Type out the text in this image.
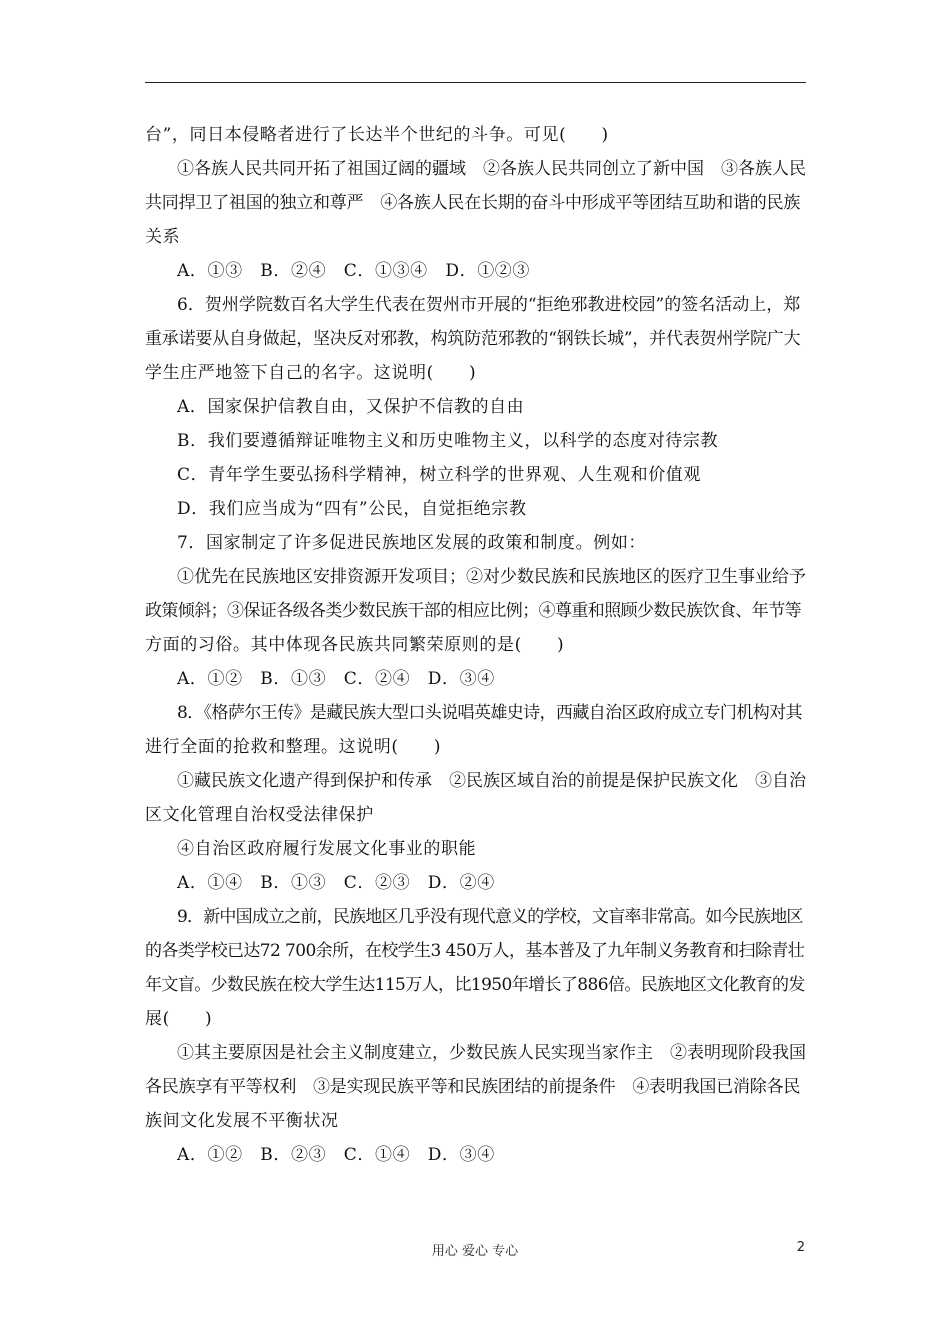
台”，同日本侵略者进行了长达半个世纪的斗争。可见(　　)
①各族人民共同开拓了祖国辽阔的疆域　②各族人民共同创立了新中国　③各族人民
共同捍卫了祖国的独立和尊严　④各族人民在长期的奋斗中形成平等团结互助和谐的民族
关系
A．①③　B．②④　C．①③④　D．①②③
6．贺州学院数百名大学生代表在贺州市开展的“拒绝邪教进校园”的签名活动上，郑
重承诺要从自身做起，坚决反对邪教，构筑防范邪教的“钢铁长城”，并代表贺州学院广大
学生庄严地签下自己的名字。这说明(　　)
A．国家保护信教自由，又保护不信教的自由
B．我们要遵循辩证唯物主义和历史唯物主义，以科学的态度对待宗教
C．青年学生要弘扬科学精神，树立科学的世界观、人生观和价值观
D．我们应当成为“四有”公民，自觉拒绝宗教
7．国家制定了许多促进民族地区发展的政策和制度。例如：
①优先在民族地区安排资源开发项目；②对少数民族和民族地区的医疗卫生事业给予
政策倾斜；③保证各级各类少数民族干部的相应比例；④尊重和照顾少数民族饮食、年节等
方面的习俗。其中体现各民族共同繁荣原则的是(　　)
A．①②　B．①③　C．②④　D．③④
8．《格萨尔王传》是藏民族大型口头说唱英雄史诗，西藏自治区政府成立专门机构对其
进行全面的抢救和整理。这说明(　　)
①藏民族文化遗产得到保护和传承　②民族区域自治的前提是保护民族文化　③自治
区文化管理自治权受法律保护
④自治区政府履行发展文化事业的职能
A．①④　B．①③　C．②③　D．②④
9．新中国成立之前，民族地区几乎没有现代意义的学校，文盲率非常高。如今民族地区
的各类学校已达72 700余所，在校学生3 450万人，基本普及了九年制义务教育和扫除青壮
年文盲。少数民族在校大学生达115万人，比1950年增长了886倍。民族地区文化教育的发
展(　　)
①其主要原因是社会主义制度建立，少数民族人民实现当家作主　②表明现阶段我国
各民族享有平等权利　③是实现民族平等和民族团结的前提条件　④表明我国已消除各民
族间文化发展不平衡状况
A．①②　B．②③　C．①④　D．③④
用心 爱心 专心	2
